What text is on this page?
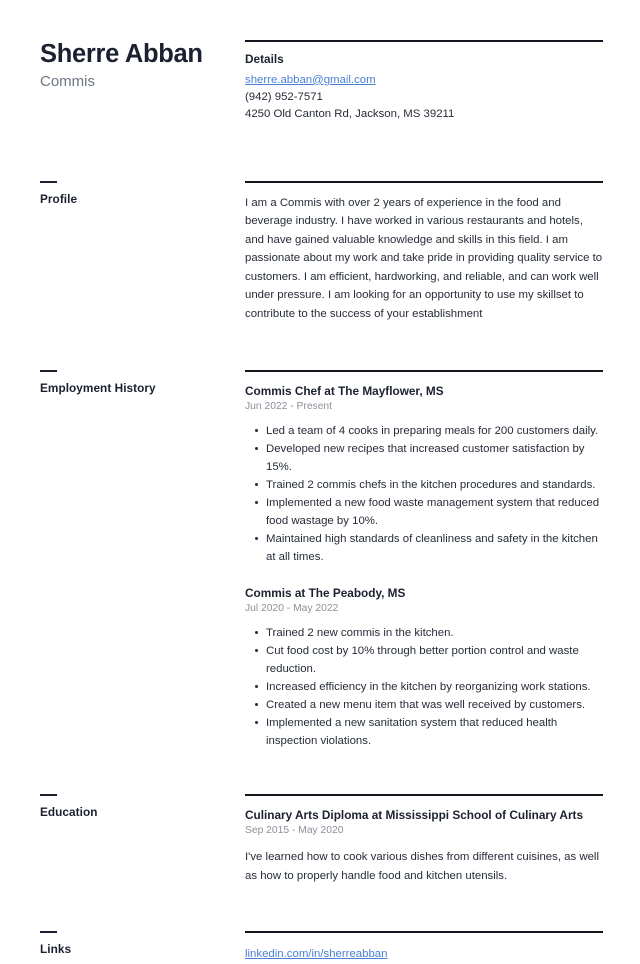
Sherre Abban
Commis
Details
sherre.abban@gmail.com
(942) 952-7571
4250 Old Canton Rd, Jackson, MS 39211
Profile	I am a Commis with over 2 years of experience in the food and beverage industry. I have worked in various restaurants and hotels, and have gained valuable knowledge and skills in this field. I am passionate about my work and take pride in providing quality service to customers. I am efficient, hardworking, and reliable, and can work well under pressure. I am looking for an opportunity to use my skillset to contribute to the success of your establishment

Employment History	Commis Chef at The Mayflower, MS
Jun 2022 - Present
Led a team of 4 cooks in preparing meals for 200 customers daily.
Developed new recipes that increased customer satisfaction by 15%.
Trained 2 commis chefs in the kitchen procedures and standards.
Implemented a new food waste management system that reduced food wastage by 10%.
Maintained high standards of cleanliness and safety in the kitchen at all times.
Commis at The Peabody, MS
Jul 2020 - May 2022
Trained 2 new commis in the kitchen.
Cut food cost by 10% through better portion control and waste reduction.
Increased efficiency in the kitchen by reorganizing work stations.
Created a new menu item that was well received by customers.
Implemented a new sanitation system that reduced health inspection violations.
Education	Culinary Arts Diploma at Mississippi School of Culinary Arts
Sep 2015 - May 2020

I've learned how to cook various dishes from different cuisines, as well as how to properly handle food and kitchen utensils.

Links	linkedin.com/in/sherreabban
